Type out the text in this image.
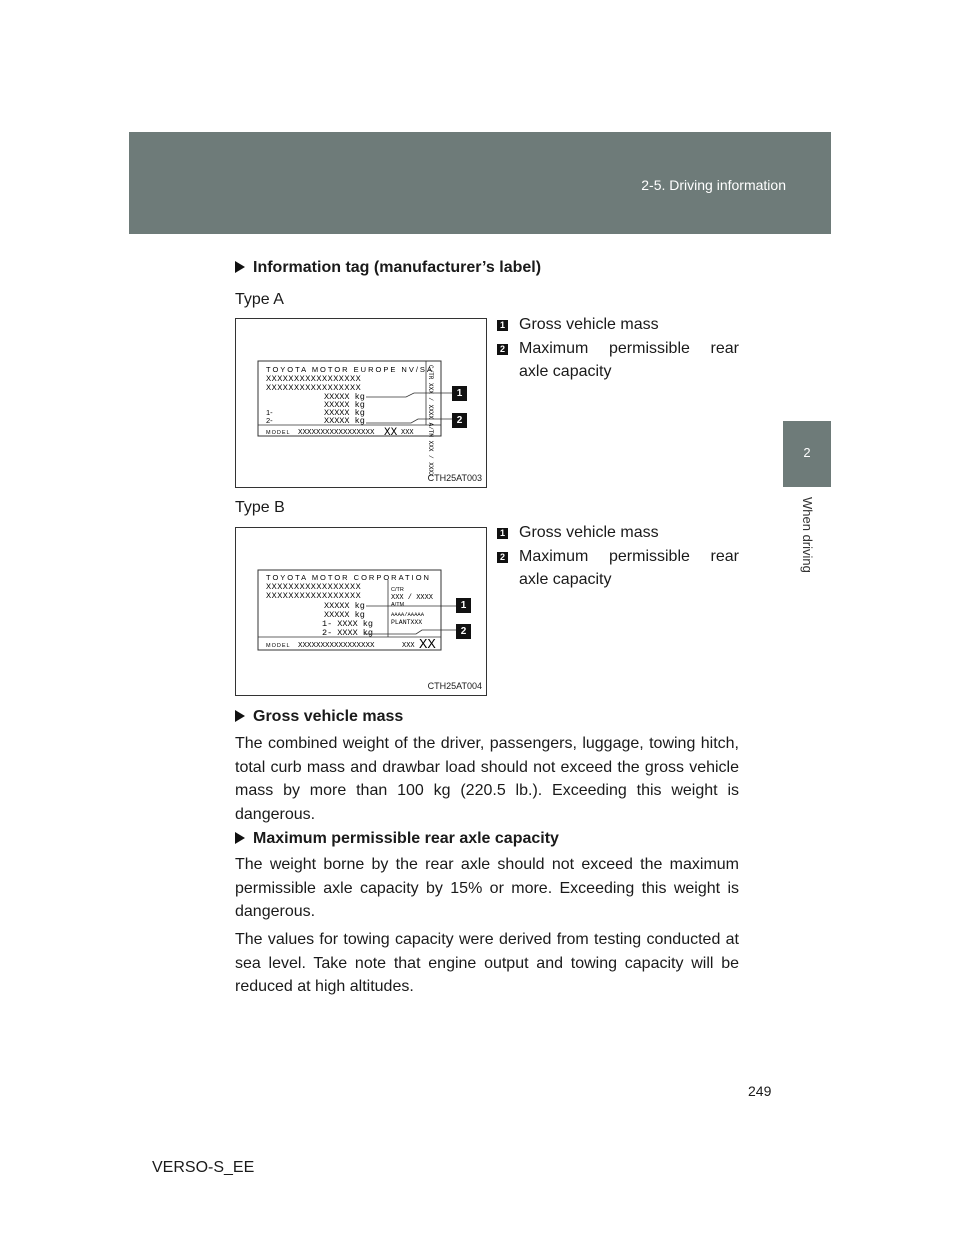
2-5. Driving information
2
When driving
Information tag (manufacturer’s label)
Type A
TOYOTA MOTOR EUROPE NV/SA
XXXXXXXXXXXXXXXXX
XXXXXXXXXXXXXXXXX
XXXXX kg
XXXXX kg
1-	XXXXX kg
2-	XXXXX kg
MODEL XXXXXXXXXXXXXXXXX XX XXX C/TR XXX / XXXX A/TM XXX / XXXX	1
2
CTH25AT003
1 Gross vehicle mass
2 Maximum permissible rear axle capacity
Type B
TOYOTA MOTOR CORPORATION
XXXXXXXXXXXXXXXXX
XXXXXXXXXXXXXXXXX
XXXXX kg
XXXXX kg
1- XXXX kg
2- XXXX kg
C/TR
XXX / XXXX
A/TM
AAAA/AAAAA
PLANTXXX
MODEL XXXXXXXXXXXXXXXXX	XXX XX
1
2
CTH25AT004
1 Gross vehicle mass
2 Maximum permissible rear axle capacity
Gross vehicle mass
The combined weight of the driver, passengers, luggage, towing hitch, total curb mass and drawbar load should not exceed the gross vehicle mass by more than 100 kg (220.5 lb.). Exceeding this weight is dangerous.
Maximum permissible rear axle capacity
The weight borne by the rear axle should not exceed the maximum permissible axle capacity by 15% or more. Exceeding this weight is dangerous.
The values for towing capacity were derived from testing conducted at sea level. Take note that engine output and towing capacity will be reduced at high altitudes.
249
VERSO-S_EE
